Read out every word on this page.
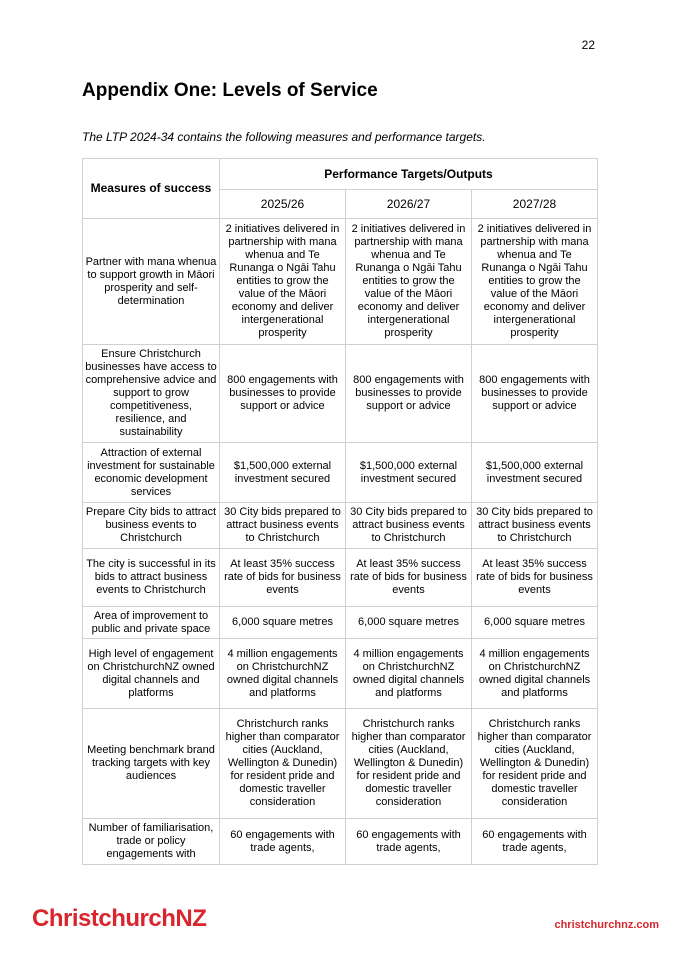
22
Appendix One: Levels of Service

The LTP 2024-34 contains the following measures and performance targets.

Measures of success	Performance Targets/Outputs		
	2025/26	2026/27	2027/28
Partner with mana whenua to support growth in Māori prosperity and self-determination	2 initiatives delivered in partnership with mana whenua and Te Runanga o Ngāi Tahu entities to grow the value of the Māori economy and deliver intergenerational prosperity	2 initiatives delivered in partnership with mana whenua and Te Runanga o Ngāi Tahu entities to grow the value of the Māori economy and deliver intergenerational prosperity	2 initiatives delivered in partnership with mana whenua and Te Runanga o Ngāi Tahu entities to grow the value of the Māori economy and deliver intergenerational prosperity
Ensure Christchurch businesses have access to comprehensive advice and support to grow competitiveness, resilience, and sustainability	800 engagements with businesses to provide support or advice	800 engagements with businesses to provide support or advice	800 engagements with businesses to provide support or advice
Attraction of external investment for sustainable economic development services	$1,500,000 external investment secured	$1,500,000 external investment secured	$1,500,000 external investment secured
Prepare City bids to attract business events to Christchurch	30 City bids prepared to attract business events to Christchurch	30 City bids prepared to attract business events to Christchurch	30 City bids prepared to attract business events to Christchurch
The city is successful in its bids to attract business events to Christchurch	At least 35% success rate of bids for business events	At least 35% success rate of bids for business events	At least 35% success rate of bids for business events
Area of improvement to public and private space	6,000 square metres	6,000 square metres	6,000 square metres
High level of engagement on ChristchurchNZ owned digital channels and platforms	4 million engagements on ChristchurchNZ owned digital channels and platforms	4 million engagements on ChristchurchNZ owned digital channels and platforms	4 million engagements on ChristchurchNZ owned digital channels and platforms
Meeting benchmark brand tracking targets with key audiences	Christchurch ranks higher than comparator cities (Auckland, Wellington & Dunedin) for resident pride and domestic traveller consideration	Christchurch ranks higher than comparator cities (Auckland, Wellington & Dunedin) for resident pride and domestic traveller consideration	Christchurch ranks higher than comparator cities (Auckland, Wellington & Dunedin) for resident pride and domestic traveller consideration
Number of familiarisation, trade or policy engagements with	60 engagements with trade agents,	60 engagements with trade agents,	60 engagements with trade agents,
ChristchurchNZ	christchurchnz.com
